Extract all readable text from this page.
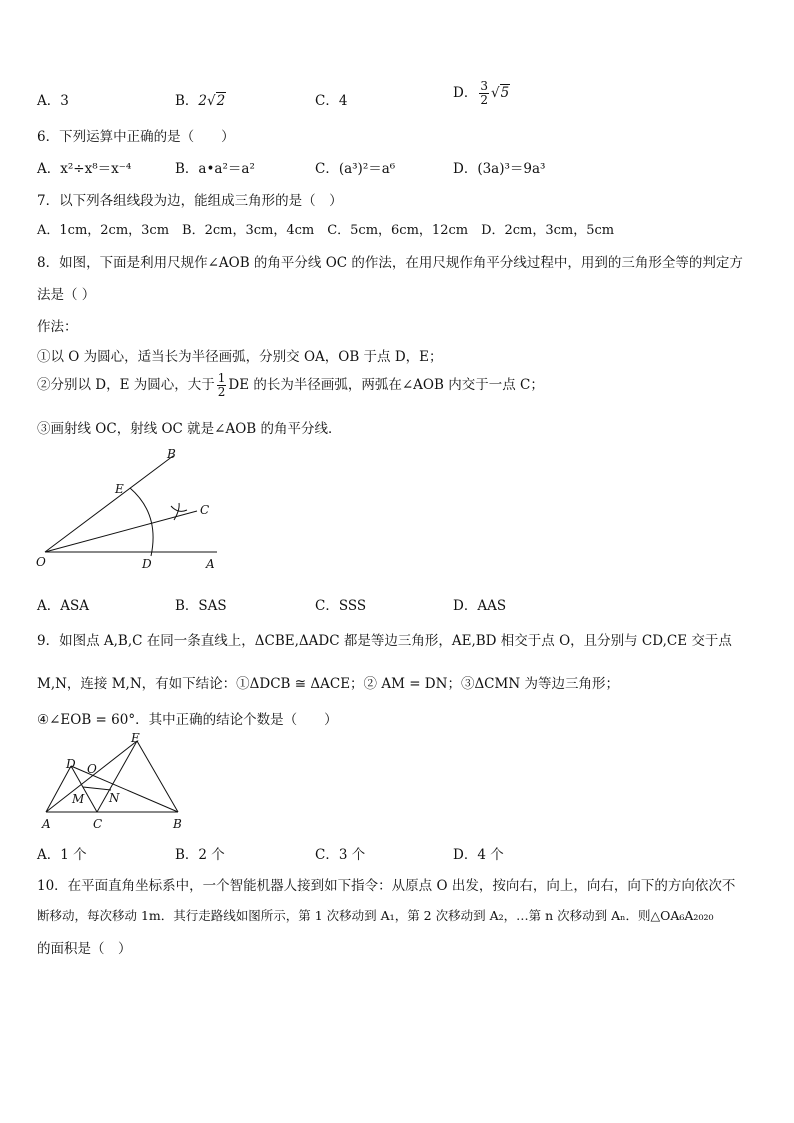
A．3	B．2√2	C．4	D． $\frac{3}{2} √5$
6．下列运算中正确的是（　　）
A．x²÷x⁸＝x⁻⁴	B．a•a²＝a²	C．(a³)²＝a⁶	D．(3a)³＝9a³
7．以下列各组线段为边，能组成三角形的是（　）
A．1cm，2cm，3cm　B．2cm，3cm，4cm　C．5cm，6cm，12cm　D．2cm，3cm，5cm
8．如图，下面是利用尺规作∠AOB 的角平分线 OC 的作法，在用尺规作角平分线过程中，用到的三角形全等的判定方
法是（ ）
作法：
①以 O 为圆心，适当长为半径画弧，分别交 OA，OB 于点 D，E；
②分别以 D，E 为圆心，大于 $\frac{1}{2}$ DE 的长为半径画弧，两弧在∠AOB 内交于一点 C；
③画射线 OC，射线 OC 就是∠AOB 的角平分线．
O	A
B
C
D
E
A．ASA	B．SAS	C．SSS	D．AAS
9．如图点 A,B,C 在同一条直线上，ΔCBE,ΔADC 都是等边三角形，AE,BD 相交于点 O，且分别与 CD,CE 交于点
M,N，连接 M,N，有如下结论：①ΔDCB ≅ ΔACE；② AM = DN；③ΔCMN 为等边三角形；
④∠EOB = 60°．其中正确的结论个数是（　　）
A	B
C
D
E
O
M N
A．1 个	B．2 个	C．3 个	D．4 个
10．在平面直角坐标系中，一个智能机器人接到如下指令：从原点 O 出发，按向右，向上，向右，向下的方向依次不
断移动，每次移动 1m．其行走路线如图所示，第 1 次移动到 A₁，第 2 次移动到 A₂，…第 n 次移动到 Aₙ．则△OA₆A₂₀₂₀
的面积是（　）
